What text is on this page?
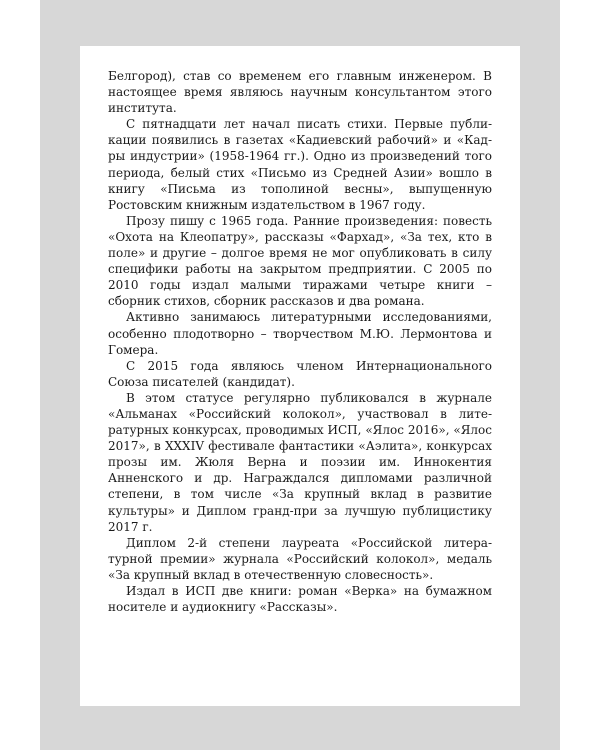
Белгород), став со временем его главным инженером. В настоящее время являюсь научным консультантом этого института.

С пятнадцати лет начал писать стихи. Первые публикации появились в газетах «Кадиевский рабочий» и «Кадры индустрии» (1958-1964 гг.). Одно из произведений того периода, белый стих «Письмо из Средней Азии» вошло в книгу «Письма из тополиной весны», выпущенную Ростовским книжным издательством в 1967 году.

Прозу пишу с 1965 года. Ранние произведения: повесть «Охота на Клеопатру», рассказы «Фархад», «За тех, кто в поле» и другие – долгое время не мог опубликовать в силу специфики работы на закрытом предприятии. С 2005 по 2010 годы издал малыми тиражами четыре книги – сборник стихов, сборник рассказов и два романа.

Активно занимаюсь литературными исследованиями, особенно плодотворно – творчеством М.Ю. Лермонтова и Гомера.

С 2015 года являюсь членом Интернационального Союза писателей (кандидат).

В этом статусе регулярно публиковался в журнале «Альманах «Российский колокол», участвовал в литературных конкурсах, проводимых ИСП, «Ялос 2016», «Ялос 2017», в XXXIV фестивале фантастики «Аэлита», конкурсах прозы им. Жюля Верна и поэзии им. Иннокентия Анненского и др. Награждался дипломами различной степени, в том числе «За крупный вклад в развитие культуры» и Диплом гранд-при за лучшую публицистику 2017 г.

Диплом 2-й степени лауреата «Российской литературной премии» журнала «Российский колокол», медаль «За крупный вклад в отечественную словесность».

Издал в ИСП две книги: роман «Верка» на бумажном носителе и аудиокнигу «Рассказы».
